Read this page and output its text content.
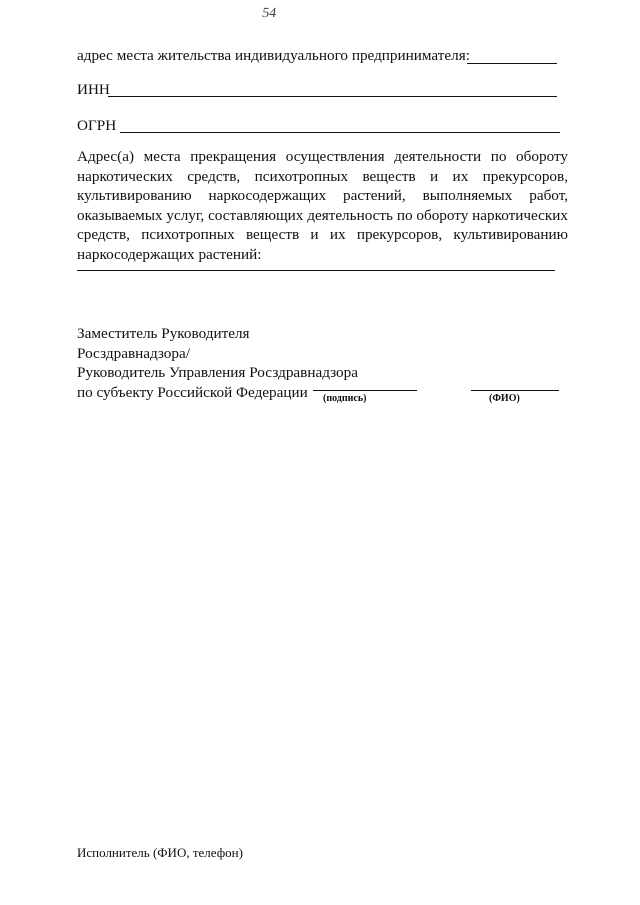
54
адрес места жительства индивидуального предпринимателя:
ИНН
ОГРН
Адрес(а) места прекращения осуществления деятельности по обороту наркотических средств, психотропных веществ и их прекурсоров, культивированию наркосодержащих растений, выполняемых работ, оказываемых услуг, составляющих деятельность по обороту наркотических средств, психотропных веществ и их прекурсоров, культивированию наркосодержащих растений:
Заместитель Руководителя
Росздравнадзора/
Руководитель Управления Росздравнадзора
по субъекту Российской Федерации	(подпись)	(ФИО)
Исполнитель (ФИО, телефон)
